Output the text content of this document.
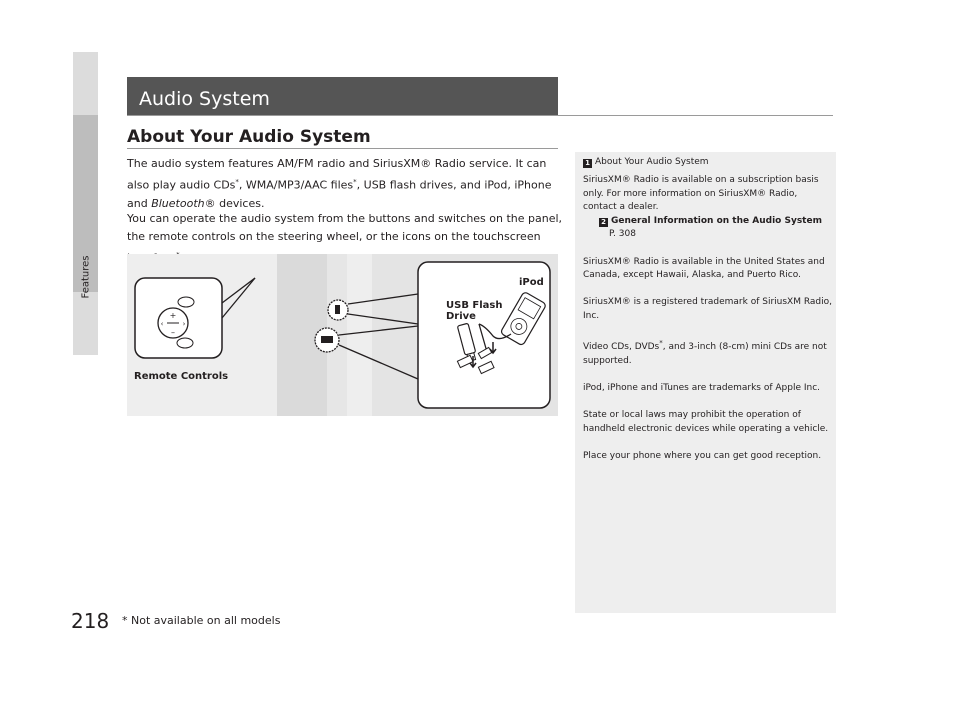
Features
Audio System
About Your Audio System
The audio system features AM/FM radio and SiriusXM® Radio service. It can also play audio CDs*, WMA/MP3/AAC files*, USB flash drives, and iPod, iPhone and Bluetooth® devices.
You can operate the audio system from the buttons and switches on the panel, the remote controls on the steering wheel, or the icons on the touchscreen
+
–
‹	›
Remote Controls
USB Flash
Drive
iPod
1 About Your Audio System

SiriusXM® Radio is available on a subscription basis only. For more information on SiriusXM® Radio, contact a dealer.
2 General Information on the Audio System
P. 308

SiriusXM® Radio is available in the United States and Canada, except Hawaii, Alaska, and Puerto Rico.

SiriusXM® is a registered trademark of SiriusXM Radio, Inc.

Video CDs, DVDs*, and 3-inch (8-cm) mini CDs are not supported.

iPod, iPhone and iTunes are trademarks of Apple Inc.

State or local laws may prohibit the operation of handheld electronic devices while operating a vehicle.

Place your phone where you can get good reception.

218 * Not available on all models
